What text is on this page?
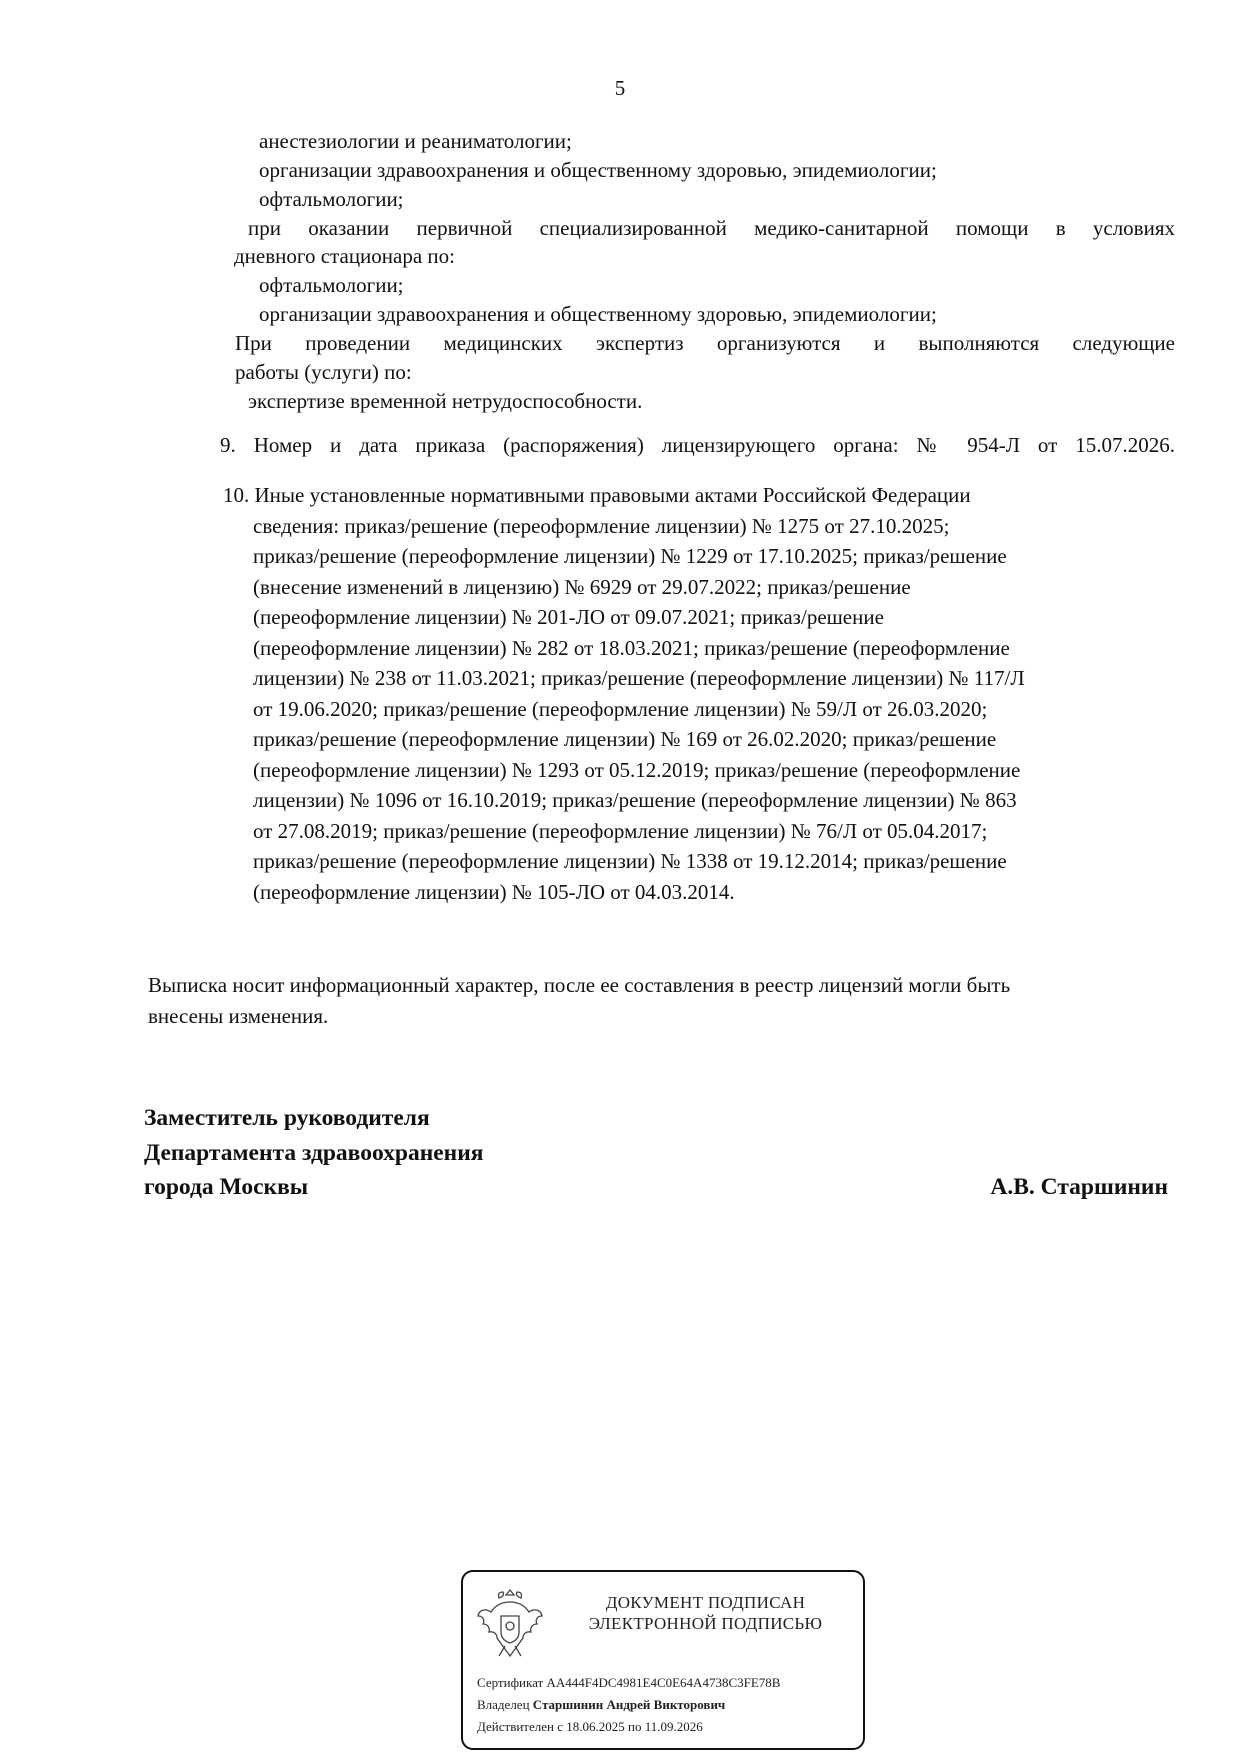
5
анестезиологии и реаниматологии;
организации здравоохранения и общественному здоровью, эпидемиологии;
офтальмологии;
при оказании первичной специализированной медико-санитарной помощи в условиях
дневного стационара по:
офтальмологии;
организации здравоохранения и общественному здоровью, эпидемиологии;
При проведении медицинских экспертиз организуются и выполняются следующие
работы (услуги) по:
экспертизе временной нетрудоспособности.
9. Номер и дата приказа (распоряжения) лицензирующего органа: № 954-Л от 15.07.2026.
10. Иные установленные нормативными правовыми актами Российской Федерации
сведения: приказ/решение (переоформление лицензии) № 1275 от 27.10.2025;
приказ/решение (переоформление лицензии) № 1229 от 17.10.2025; приказ/решение
(внесение изменений в лицензию) № 6929 от 29.07.2022; приказ/решение
(переоформление лицензии) № 201-ЛО от 09.07.2021; приказ/решение
(переоформление лицензии) № 282 от 18.03.2021; приказ/решение (переоформление
лицензии) № 238 от 11.03.2021; приказ/решение (переоформление лицензии) № 117/Л
от 19.06.2020; приказ/решение (переоформление лицензии) № 59/Л от 26.03.2020;
приказ/решение (переоформление лицензии) № 169 от 26.02.2020; приказ/решение
(переоформление лицензии) № 1293 от 05.12.2019; приказ/решение (переоформление
лицензии) № 1096 от 16.10.2019; приказ/решение (переоформление лицензии) № 863
от 27.08.2019; приказ/решение (переоформление лицензии) № 76/Л от 05.04.2017;
приказ/решение (переоформление лицензии) № 1338 от 19.12.2014; приказ/решение
(переоформление лицензии) № 105-ЛО от 04.03.2014.
Выписка носит информационный характер, после ее составления в реестр лицензий могли быть
внесены изменения.
Заместитель руководителя
Департамента здравоохранения
города Москвы	А.В. Старшинин
ДОКУМЕНТ ПОДПИСАН
ЭЛЕКТРОННОЙ ПОДПИСЬЮ
Сертификат AA444F4DC4981E4C0E64A4738C3FE78B
Владелец Старшинин Андрей Викторович
Действителен с 18.06.2025 по 11.09.2026
